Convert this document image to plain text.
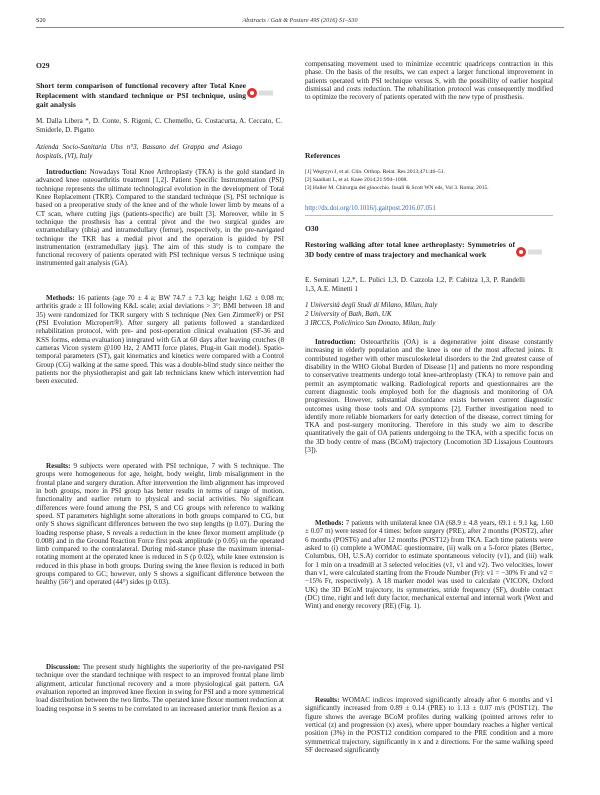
S20	Abstracts / Gait & Posture 49S (2016) S1–S30
O29
Short term comparison of functional recovery after Total Knee Replacement with standard technique or PSI technique, using gait analysis
M. Dalla Libera *, D. Conte, S. Rigoni, C. Chemello, G. Costacurta, A. Ceccato, C. Smiderle, D. Pigatto
Azienda Socio-Sanitaria Ulss n°3, Bassano del Grappa and Asiago hospitals, (VI), Italy

Introduction: Nowadays Total Knee Arthroplasty (TKA) is the gold standard in advanced knee osteoarthritis treatment [1,2]. Patient Specific Instrumentation (PSI) technique represents the ultimate technological evolution in the development of Total Knee Replacement (TKR). Compared to the standard technique (S), PSI technique is based on a preoperative study of the knee and of the whole lower limb by means of a CT scan, where cutting jigs (patients-specific) are built [3]. Moreover, while in S technique the prosthesis has a central pivot and the two surgical guides are extramedullary (tibia) and intramedullary (femur), respectively, in the pre-navigated technique the TKR has a medial pivot and the operation is guided by PSI instrumentation (extramedullary jigs). The aim of this study is to compare the functional recovery of patients operated with PSI technique versus S technique using instrumented gait analysis (GA).

Methods: 16 patients (age 70 ± 4 a; BW 74.7 ± 7.3 kg; height 1.62 ± 0.08 m; arthritis grade ≥ III following K&L scale; axial deviations > 3°; BMI between 18 and 35) were randomized for TKR surgery with S technique (Nex Gen Zimmer®) or PSI (PSI Evolution Micropert®). After surgery all patients followed a standardized rehabilitation protocol, with pre- and post-operation clinical evaluation (SF-36 and KSS forms, edema evaluation) integrated with GA at 60 days after leaving crutches (8 cameras Vicon system @100 Hz, 2 AMTI force plates, Plug-in Gait model). Spatio-temporal parameters (ST), gait kinematics and kinetics were compared with a Control Group (CG) walking at the same speed. This was a double-blind study since neither the patients nor the physiotherapist and gait lab technicians knew which intervention had been executed.

Results: 9 subjects were operated with PSI technique, 7 with S technique. The groups were homogeneous for age, height, body weight, limb misalignment in the frontal plane and surgery duration. After intervention the limb alignment has improved in both groups, more in PSI group has better results in terms of range of motion, functionality and earlier return to physical and social activities. No significant differences were found among the PSI, S and CG groups with reference to walking speed. ST parameters highlight some alterations in both groups compared to CG, but only S shows significant differences between the two step lengths (p 0.07). During the loading response phase, S reveals a reduction in the knee flexor moment amplitude (p 0.008) and in the Ground Reaction Force first peak amplitude (p 0.05) on the operated limb compared to the contralateral. During mid-stance phase the maximum internal-rotating moment at the operated knee is reduced in S (p 0.02), while knee extension is reduced in this phase in both groups. During swing the knee flexion is reduced in both groups compared to GC; however, only S shows a significant difference between the healthy (56°) and operated (44°) sides (p 0.03).

Discussion: The present study highlights the superiority of the pre-navigated PSI technique over the standard technique with respect to an improved frontal plane limb alignment, articular functional recovery and a more physiological gait pattern. GA evaluation reported an improved knee flexion in swing for PSI and a more symmetrical load distribution between the two limbs. The operated knee flexor moment reduction at loading response in S seems to be correlated to an increased anterior trunk flexion as a

compensating movement used to minimize eccentric quadriceps contraction in this phase. On the basis of the results, we can expect a larger functional improvement in patients operated with PSI technique versus S, with the possibility of earlier hospital dismissal and costs reduction. The rehabilitation protocol was consequently modified to optimize the recovery of patients operated with the new type of prosthesis.

References
[1] Wegrzyn J, et al. Clin. Orthop. Relat. Res 2013;471:46–51.
[2] Saadiati L, et al. Knee 2014;21:994–1008.
[3] Haller M. Chirurgia del ginocchio. Insall & Scott WN eds, Vol 3. Roma; 2015.
http://dx.doi.org/10.1016/j.gaitpost.2016.07.051
O30
Restoring walking after total knee arthroplasty: Symmetries of 3D body centre of mass trajectory and mechanical work
E. Seminati 1,2,*, L. Pulici 1,3, D. Cazzola 1,2, P. Cabitza 1,3, P. Randelli 1,3, A.E. Minetti 1
1 Università degli Studi di Milano, Milan, Italy
2 University of Bath, Bath, UK
3 IRCCS, Policlinico San Donato, Milan, Italy

Introduction: Osteoarthritis (OA) is a degenerative joint disease constantly increasing in elderly population and the knee is one of the most affected joints. It contributed together with other musculoskeletal disorders to the 2nd greatest cause of disability in the WHO Global Burden of Disease [1] and patients no more responding to conservative treatments undergo total knee-arthroplasty (TKA) to remove pain and permit an asymptomatic walking. Radiological reports and questionnaires are the current diagnostic tools employed both for the diagnosis and monitoring of OA progression. However, substantial discordance exists between current diagnostic outcomes using those tools and OA symptoms [2]. Further investigation need to identify more reliable biomarkers for early detection of the disease, correct timing for TKA and post-surgery monitoring. Therefore in this study we aim to describe quantitatively the gait of OA patients undergoing to the TKA, with a specific focus on the 3D body centre of mass (BCoM) trajectory (Locomotion 3D Lissajous Countours [3]).

Methods: 7 patients with unilateral knee OA (68.9 ± 4.8 years, 69.1 ± 9.1 kg, 1.60 ± 0.07 m) were tested for 4 times: before surgery (PRE), after 2 months (POST2), after 6 months (POST6) and after 12 months (POST12) from TKA. Each time patients were asked to (i) complete a WOMAC questionnaire, (ii) walk on a 5-force plates (Bertec, Columbus, OH, U.S.A) corridor to estimate spontaneous velocity (v1), and (iii) walk for 1 min on a treadmill at 3 selected velocities (v1, v1 and v2). Two velocities, lower than v1, were calculated starting from the Froude Number (Fr): v1 = −30% Fr and v2 = −15% Fr, respectively). A 18 marker model was used to calculate (VICON, Oxford UK) the 3D BCoM trajectory, its symmetries, stride frequency (SF), double contact (DC) time, right and left duty factor, mechanical external and internal work (Wext and Wint) and energy recovery (RE) (Fig. 1).

Results: WOMAC indices improved significantly already after 6 months and v1 significantly increased from 0.89 ± 0.14 (PRE) to 1.13 ± 0.07 m/s (POST12). The figure shows the average BCoM profiles during walking (pointed arrows refer to vertical (z) and progression (x) axes), where upper boundary reaches a higher vertical position (3%) in the POST12 condition compared to the PRE condition and a more symmetrical trajectory, significantly in x and z directions. For the same walking speed SF decreased significantly
